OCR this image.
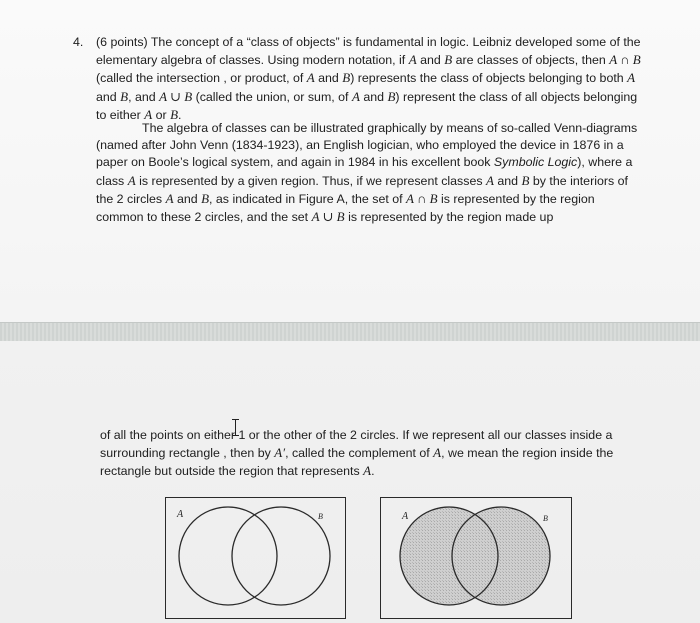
4. (6 points) The concept of a “class of objects” is fundamental in logic. Leibniz developed some of the elementary algebra of classes. Using modern notation, if A and B are classes of objects, then A ∩ B (called the intersection , or product, of A and B) represents the class of objects belonging to both A and B, and A ∪ B (called the union, or sum, of A and B) represent the class of all objects belonging to either A or B.

The algebra of classes can be illustrated graphically by means of so-called Venn-diagrams (named after John Venn (1834-1923), an English logician, who employed the device in 1876 in a paper on Boole’s logical system, and again in 1984 in his excellent book Symbolic Logic), where a class A is represented by a given region. Thus, if we represent classes A and B by the interiors of the 2 circles A and B, as indicated in Figure A, the set of A ∩ B is represented by the region common to these 2 circles, and the set A ∪ B is represented by the region made up

of all the points on either 1 or the other of the 2 circles. If we represent all our classes inside a surrounding rectangle , then by A′, called the complement of A, we mean the region inside the rectangle but outside the region that represents A.

A	B	A	B
